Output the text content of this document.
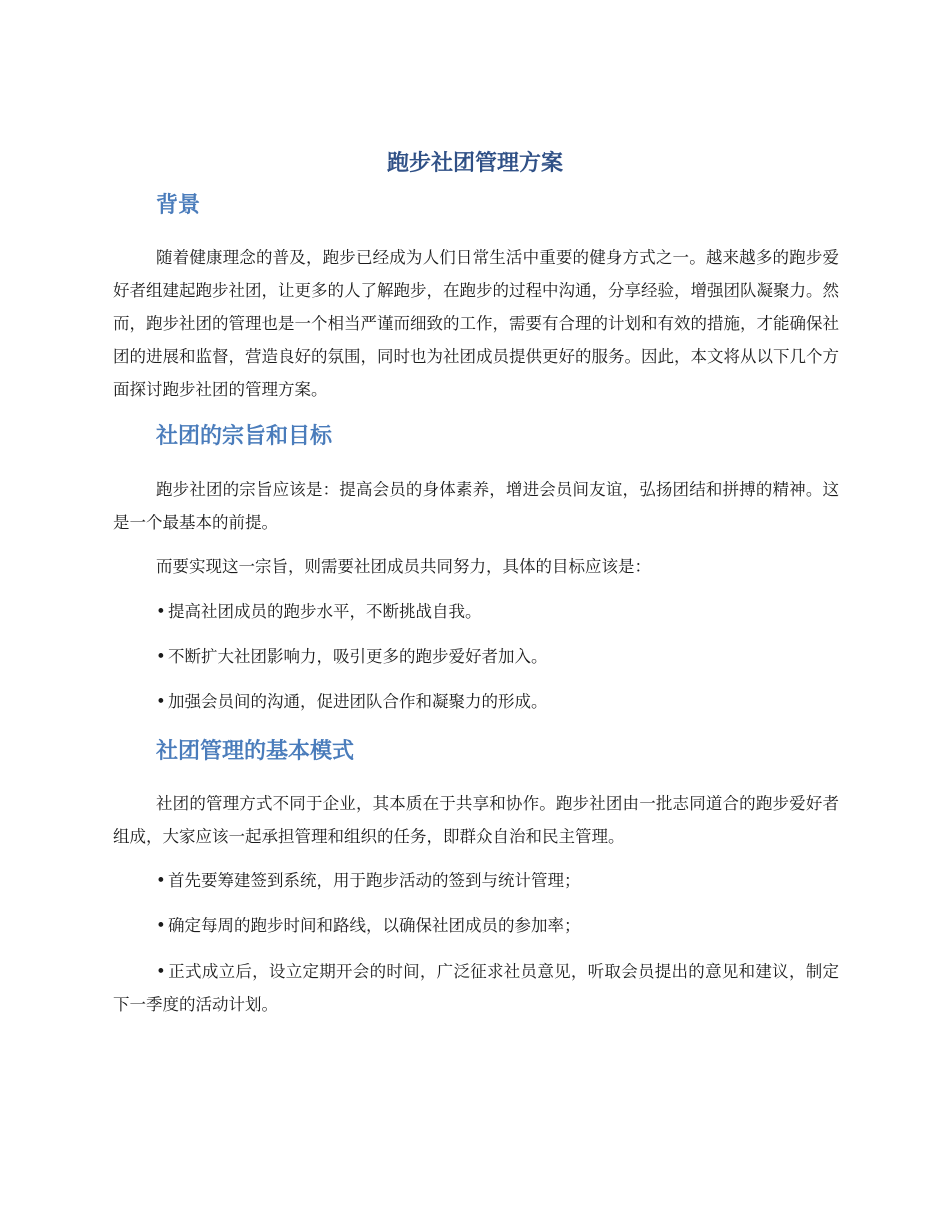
跑步社团管理方案
背景

随着健康理念的普及，跑步已经成为人们日常生活中重要的健身方式之一。越来越多的跑步爱好者组建起跑步社团，让更多的人了解跑步，在跑步的过程中沟通，分享经验，增强团队凝聚力。然而，跑步社团的管理也是一个相当严谨而细致的工作，需要有合理的计划和有效的措施，才能确保社团的进展和监督，营造良好的氛围，同时也为社团成员提供更好的服务。因此，本文将从以下几个方面探讨跑步社团的管理方案。

社团的宗旨和目标

跑步社团的宗旨应该是：提高会员的身体素养，增进会员间友谊，弘扬团结和拼搏的精神。这是一个最基本的前提。

而要实现这一宗旨，则需要社团成员共同努力，具体的目标应该是：

• 提高社团成员的跑步水平，不断挑战自我。

• 不断扩大社团影响力，吸引更多的跑步爱好者加入。

• 加强会员间的沟通，促进团队合作和凝聚力的形成。

社团管理的基本模式

社团的管理方式不同于企业，其本质在于共享和协作。跑步社团由一批志同道合的跑步爱好者组成，大家应该一起承担管理和组织的任务，即群众自治和民主管理。

• 首先要筹建签到系统，用于跑步活动的签到与统计管理；

• 确定每周的跑步时间和路线，以确保社团成员的参加率；

• 正式成立后，设立定期开会的时间，广泛征求社员意见，听取会员提出的意见和建议，制定下一季度的活动计划。
